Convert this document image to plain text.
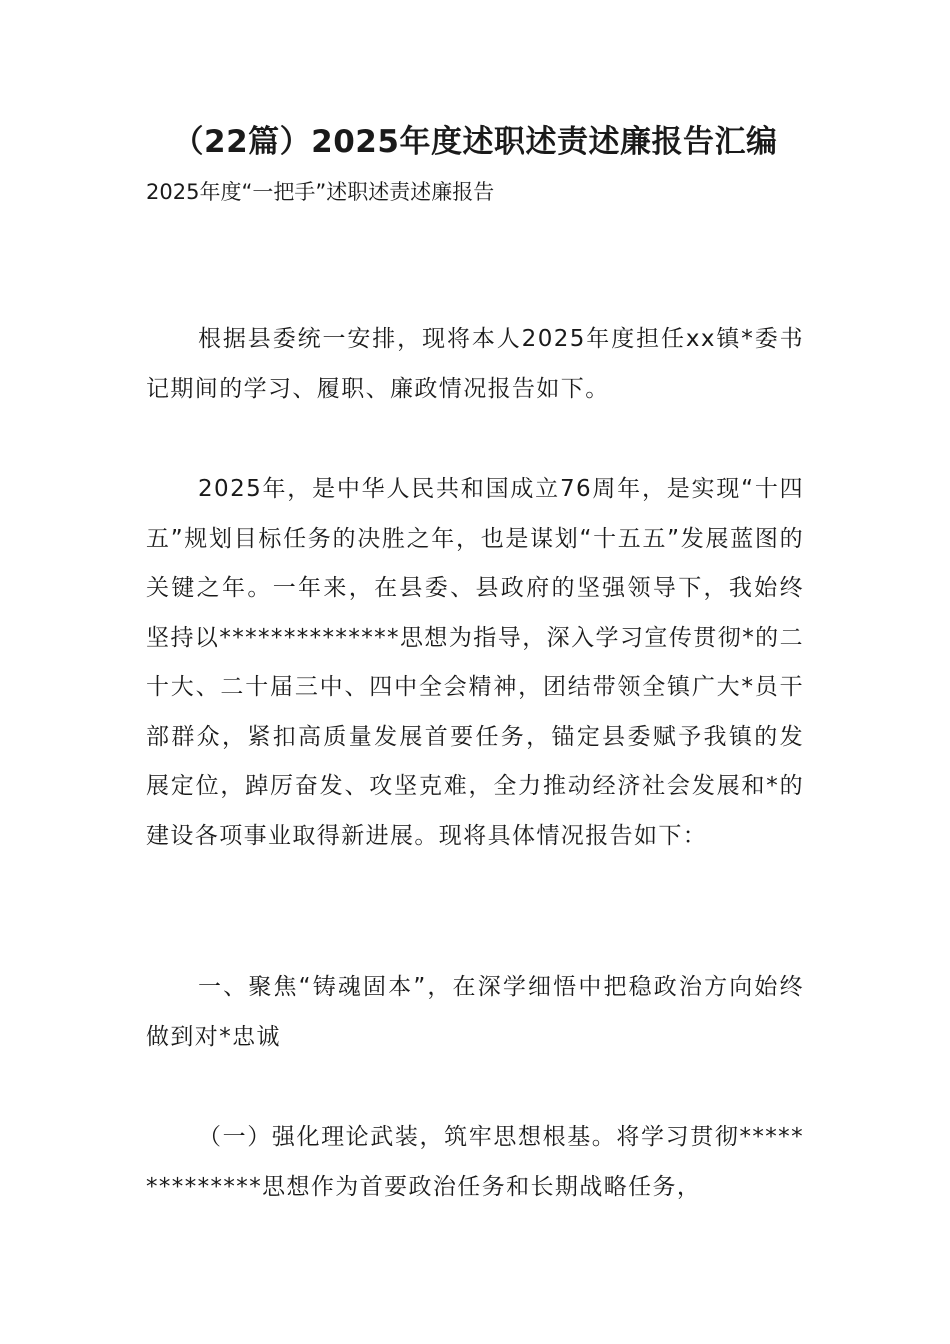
（22篇）2025年度述职述责述廉报告汇编
2025年度“一把手”述职述责述廉报告

根据县委统一安排，现将本人2025年度担任xx镇*委书记期间的学习、履职、廉政情况报告如下。

2025年，是中华人民共和国成立76周年，是实现“十四五”规划目标任务的决胜之年，也是谋划“十五五”发展蓝图的关键之年。一年来，在县委、县政府的坚强领导下，我始终坚持以**************思想为指导，深入学习宣传贯彻*的二十大、二十届三中、四中全会精神，团结带领全镇广大*员干部群众，紧扣高质量发展首要任务，锚定县委赋予我镇的发展定位，踔厉奋发、攻坚克难，全力推动经济社会发展和*的建设各项事业取得新进展。现将具体情况报告如下：

一、聚焦“铸魂固本”，在深学细悟中把稳政治方向始终做到对*忠诚

（一）强化理论武装，筑牢思想根基。将学习贯彻**************思想作为首要政治任务和长期战略任务，
